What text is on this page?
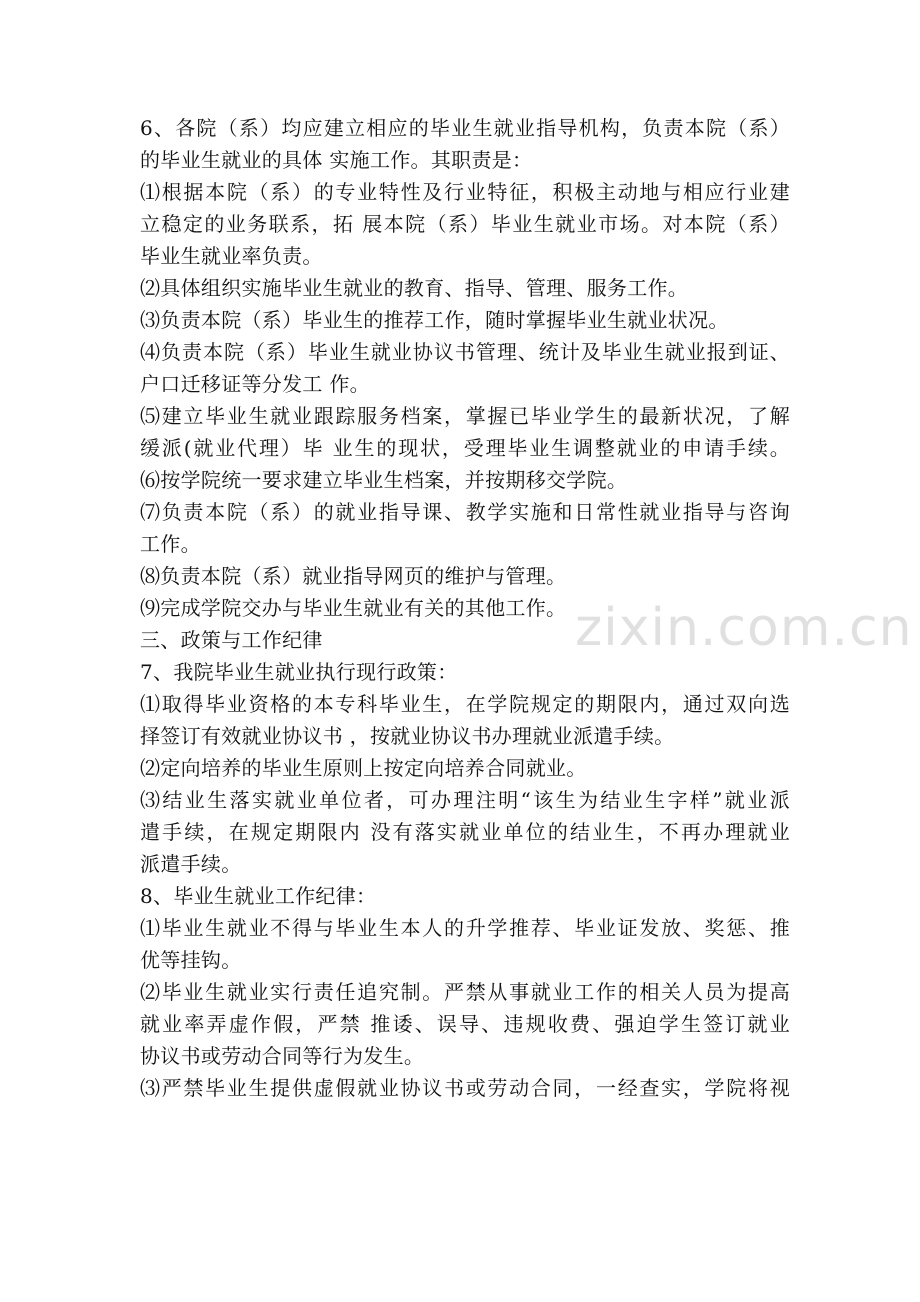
6、各院（系）均应建立相应的毕业生就业指导机构，负责本院（系）
的毕业生就业的具体 实施工作。其职责是：
⑴根据本院（系）的专业特性及行业特征，积极主动地与相应行业建
立稳定的业务联系，拓 展本院（系）毕业生就业市场。对本院（系）
毕业生就业率负责。
⑵具体组织实施毕业生就业的教育、指导、管理、服务工作。
⑶负责本院（系）毕业生的推荐工作，随时掌握毕业生就业状况。
⑷负责本院（系）毕业生就业协议书管理、统计及毕业生就业报到证、
户口迁移证等分发工 作。
⑸建立毕业生就业跟踪服务档案，掌握已毕业学生的最新状况，了解
缓派(就业代理）毕 业生的现状，受理毕业生调整就业的申请手续。
⑹按学院统一要求建立毕业生档案，并按期移交学院。
⑺负责本院（系）的就业指导课、教学实施和日常性就业指导与咨询
工作。
⑻负责本院（系）就业指导网页的维护与管理。
⑼完成学院交办与毕业生就业有关的其他工作。
三、政策与工作纪律
7、我院毕业生就业执行现行政策：
⑴取得毕业资格的本专科毕业生，在学院规定的期限内，通过双向选
择签订有效就业协议书 ，按就业协议书办理就业派遣手续。
⑵定向培养的毕业生原则上按定向培养合同就业。
⑶结业生落实就业单位者，可办理注明“该生为结业生字样”就业派
遣手续，在规定期限内 没有落实就业单位的结业生，不再办理就业
派遣手续。
8、毕业生就业工作纪律：
⑴毕业生就业不得与毕业生本人的升学推荐、毕业证发放、奖惩、推
优等挂钩。
⑵毕业生就业实行责任追究制。严禁从事就业工作的相关人员为提高
就业率弄虚作假，严禁 推诿、误导、违规收费、强迫学生签订就业
协议书或劳动合同等行为发生。
⑶严禁毕业生提供虚假就业协议书或劳动合同，一经查实，学院将视
zixin.com.cn
